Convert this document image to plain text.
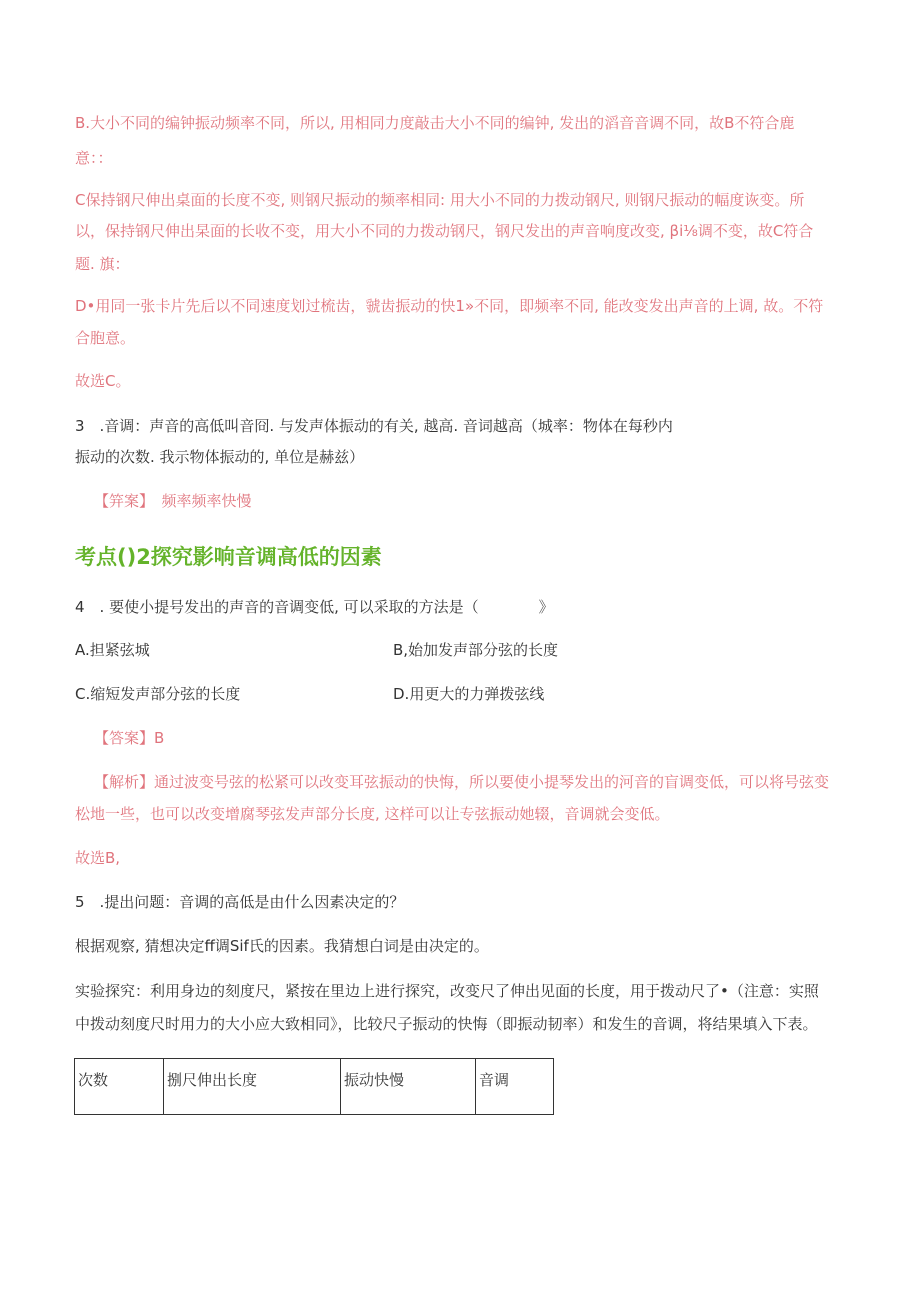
B.大小不同的编钟振动频率不同，所以, 用相同力度敲击大小不同的编钟, 发出的滔音音调不同，故B不符合鹿
意：：
C保持钢尺伸出桌面的长度不变, 则钢尺振动的频率相同: 用大小不同的力拨动钢尺, 则钢尺振动的幅度诙变。所
以，保持钢尺伸出杲面的长收不变，用大小不同的力拨动钢尺，钢尺发出的声音响度改变, βi⅛调不变，故C符合
题. 旗：
D•用同一张卡片先后以不同速度划过梳齿，虢齿振动的快1»不同，即频率不同, 能改变发出声音的上调, 故。不符
合胞意。
故选C。
3　.音调：声音的高低叫音冏. 与发声体振动的有关, 越高. 音词越高（城率：物体在每秒内
振动的次数. 我示物体振动的, 单位是赫兹）
【笄案】　频率频率快慢
考点()2探究影响音调高低的因素
4　. 要使小提号发出的声音的音调变低, 可以采取的方法是（　　　　》
A.担紧弦城	B,始加发声部分弦的长度
C.缩短发声部分弦的长度	D.用更大的力弹拨弦线
【答案】B
【解析】通过波变号弦的松紧可以改变耳弦振动的快悔，所以要使小提琴发出的河音的盲调变低，可以将号弦变
松地一些，也可以改变增腐琴弦发声部分长度, 这样可以让专弦振动她辍，音调就会变低。
故选B,
5　.提出问题：音调的高低是由什么因素决定的？
根据观察, 猜想决定ff调Sif氏的因素。我猜想白词是由决定的。
实验探究：利用身边的刻度尺，紧按在里边上进行探究，改变尺了伸出见面的长度，用于拨动尺了•（注意：实照
中拨动刻度尺时用力的大小应大致相同》，比较尺子振动的快悔（即振动韧率）和发生的音调，将结果填入下表。
次数	捌尺伸出长度	振动快慢	音调
